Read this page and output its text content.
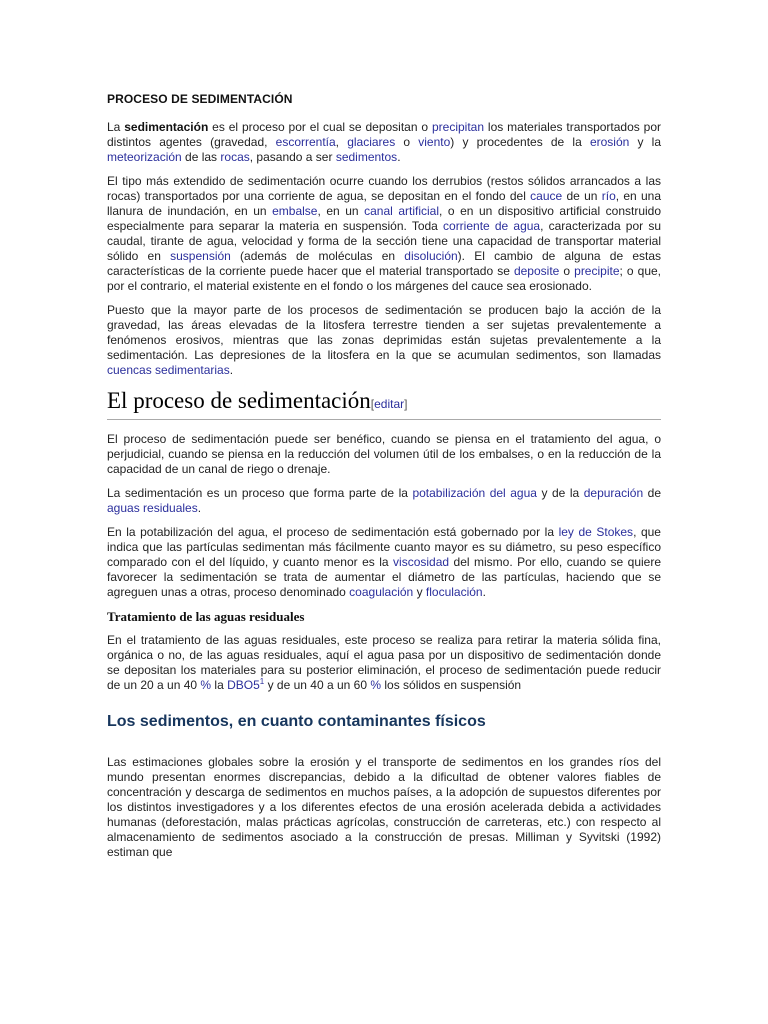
PROCESO DE SEDIMENTACIÓN

La sedimentación es el proceso por el cual se depositan o precipitan los materiales transportados por distintos agentes (gravedad, escorrentía, glaciares o viento) y procedentes de la erosión y la meteorización de las rocas, pasando a ser sedimentos.

El tipo más extendido de sedimentación ocurre cuando los derrubios (restos sólidos arrancados a las rocas) transportados por una corriente de agua, se depositan en el fondo del cauce de un río, en una llanura de inundación, en un embalse, en un canal artificial, o en un dispositivo artificial construido especialmente para separar la materia en suspensión. Toda corriente de agua, caracterizada por su caudal, tirante de agua, velocidad y forma de la sección tiene una capacidad de transportar material sólido en suspensión (además de moléculas en disolución). El cambio de alguna de estas características de la corriente puede hacer que el material transportado se deposite o precipite; o que, por el contrario, el material existente en el fondo o los márgenes del cauce sea erosionado.

Puesto que la mayor parte de los procesos de sedimentación se producen bajo la acción de la gravedad, las áreas elevadas de la litosfera terrestre tienden a ser sujetas prevalentemente a fenómenos erosivos, mientras que las zonas deprimidas están sujetas prevalentemente a la sedimentación. Las depresiones de la litosfera en la que se acumulan sedimentos, son llamadas cuencas sedimentarias.

El proceso de sedimentación[editar]

El proceso de sedimentación puede ser benéfico, cuando se piensa en el tratamiento del agua, o perjudicial, cuando se piensa en la reducción del volumen útil de los embalses, o en la reducción de la capacidad de un canal de riego o drenaje.

La sedimentación es un proceso que forma parte de la potabilización del agua y de la depuración de aguas residuales.

En la potabilización del agua, el proceso de sedimentación está gobernado por la ley de Stokes, que indica que las partículas sedimentan más fácilmente cuanto mayor es su diámetro, su peso específico comparado con el del líquido, y cuanto menor es la viscosidad del mismo. Por ello, cuando se quiere favorecer la sedimentación se trata de aumentar el diámetro de las partículas, haciendo que se agreguen unas a otras, proceso denominado coagulación y floculación.

Tratamiento de las aguas residuales

En el tratamiento de las aguas residuales, este proceso se realiza para retirar la materia sólida fina, orgánica o no, de las aguas residuales, aquí el agua pasa por un dispositivo de sedimentación donde se depositan los materiales para su posterior eliminación, el proceso de sedimentación puede reducir de un 20 a un 40 % la $DBO5^1$ y de un 40 a un 60 % los sólidos en suspensión

Los sedimentos, en cuanto contaminantes físicos

Las estimaciones globales sobre la erosión y el transporte de sedimentos en los grandes ríos del mundo presentan enormes discrepancias, debido a la dificultad de obtener valores fiables de concentración y descarga de sedimentos en muchos países, a la adopción de supuestos diferentes por los distintos investigadores y a los diferentes efectos de una erosión acelerada debida a actividades humanas (deforestación, malas prácticas agrícolas, construcción de carreteras, etc.) con respecto al almacenamiento de sedimentos asociado a la construcción de presas. Milliman y Syvitski (1992) estiman que
